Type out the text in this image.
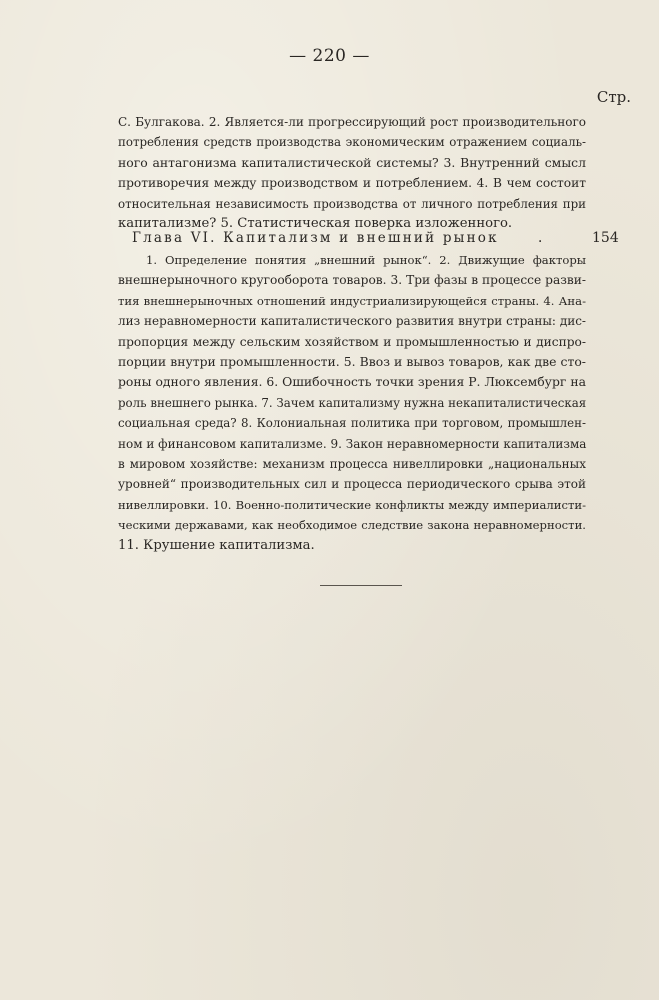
— 220 —
Стр.
С. Булгакова. 2. Является-ли прогрессирующий рост производительного
потребления средств производства экономическим отражением социаль-
ного антагонизма капиталистической системы? 3. Внутренний смысл
противоречия между производством и потреблением. 4. В чем состоит
относительная независимость производства от личного потребления при
капитализме? 5. Статистическая поверка изложенного.
Глава VI. Капитализм и внешний рынок	.	154
1. Определение понятия „внешний рынок“. 2. Движущие факторы
внешнерыночного кругооборота товаров. 3. Три фазы в процессе разви-
тия внешнерыночных отношений индустриализирующейся страны. 4. Ана-
лиз неравномерности капиталистического развития внутри страны: дис-
пропорция между сельским хозяйством и промышленностью и диспро-
порции внутри промышленности. 5. Ввоз и вывоз товаров, как две сто-
роны одного явления. 6. Ошибочность точки зрения Р. Люксембург на
роль внешнего рынка. 7. Зачем капитализму нужна некапиталистическая
социальная среда? 8. Колониальная политика при торговом, промышлен-
ном и финансовом капитализме. 9. Закон неравномерности капитализма
в мировом хозяйстве: механизм процесса нивеллировки „национальных
уровней“ производительных сил и процесса периодического срыва этой
нивеллировки. 10. Военно-политические конфликты между империалисти-
ческими державами, как необходимое следствие закона неравномерности.
11. Крушение капитализма.
